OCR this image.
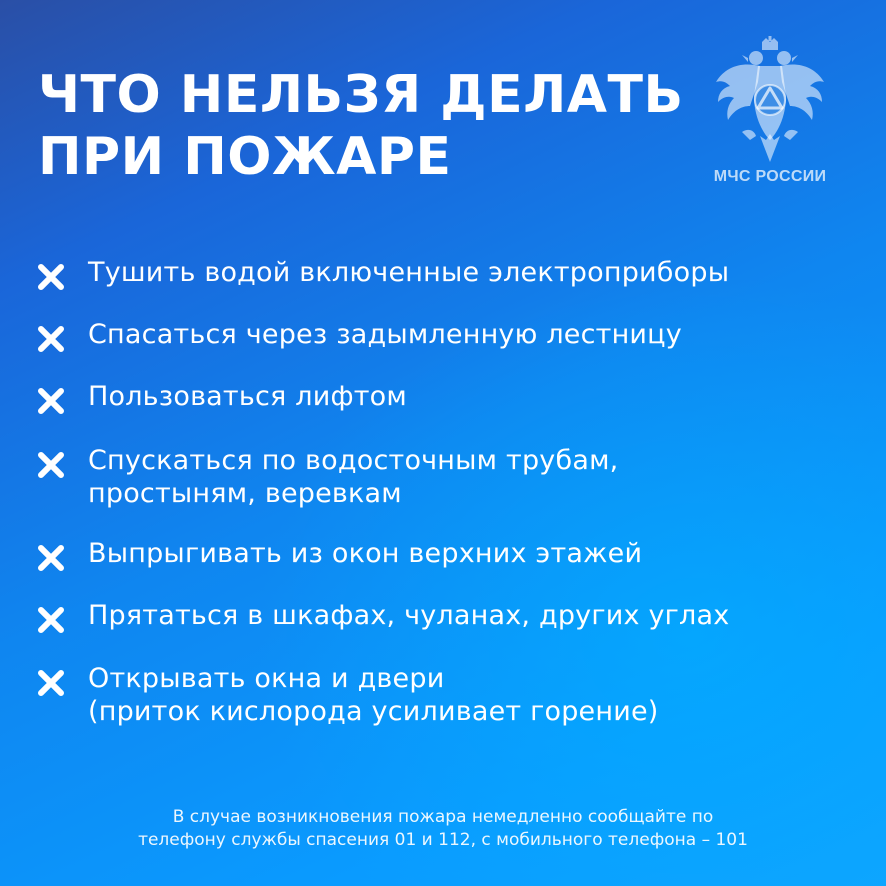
ЧТО НЕЛЬЗЯ ДЕЛАТЬ
ПРИ ПОЖАРЕ	МЧС РОССИИ
Тушить водой включенные электроприборы
Спасаться через задымленную лестницу
Пользоваться лифтом
Спускаться по водосточным трубам,
простыням, веревкам
Выпрыгивать из окон верхних этажей
Прятаться в шкафах, чуланах, других углах
Открывать окна и двери
(приток кислорода усиливает горение)
В случае возникновения пожара немедленно сообщайте по
телефону службы спасения 01 и 112, с мобильного телефона – 101
